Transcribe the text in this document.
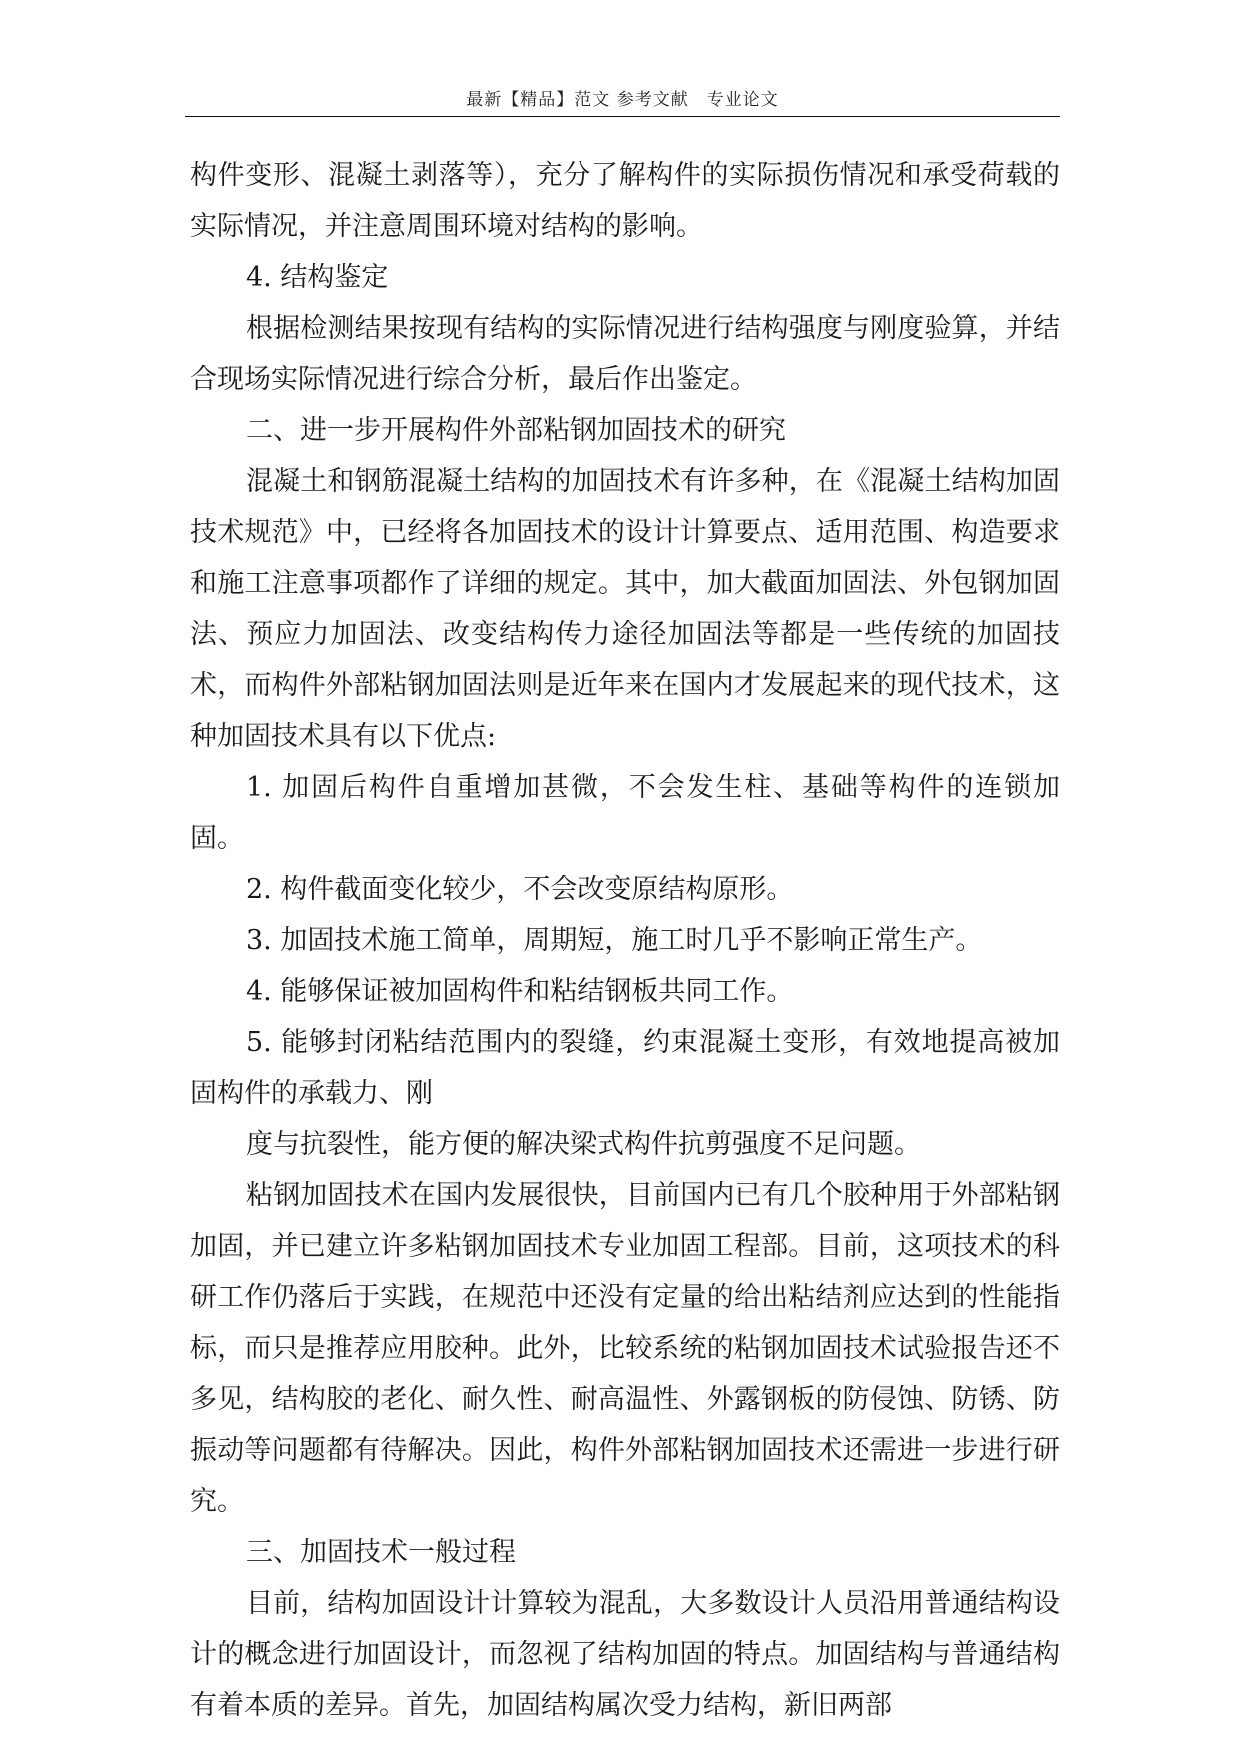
最新【精品】范文 参考文献　专业论文

构件变形、混凝土剥落等），充分了解构件的实际损伤情况和承受荷载的实际情况，并注意周围环境对结构的影响。

4. 结构鉴定

根据检测结果按现有结构的实际情况进行结构强度与刚度验算，并结合现场实际情况进行综合分析，最后作出鉴定。

二、进一步开展构件外部粘钢加固技术的研究

混凝土和钢筋混凝土结构的加固技术有许多种，在《混凝土结构加固技术规范》中，已经将各加固技术的设计计算要点、适用范围、构造要求和施工注意事项都作了详细的规定。其中，加大截面加固法、外包钢加固法、预应力加固法、改变结构传力途径加固法等都是一些传统的加固技术，而构件外部粘钢加固法则是近年来在国内才发展起来的现代技术，这种加固技术具有以下优点:

1. 加固后构件自重增加甚微，不会发生柱、基础等构件的连锁加固。

2. 构件截面变化较少，不会改变原结构原形。

3. 加固技术施工简单，周期短，施工时几乎不影响正常生产。

4. 能够保证被加固构件和粘结钢板共同工作。

5. 能够封闭粘结范围内的裂缝，约束混凝土变形，有效地提高被加固构件的承载力、刚

度与抗裂性，能方便的解决梁式构件抗剪强度不足问题。

粘钢加固技术在国内发展很快，目前国内已有几个胶种用于外部粘钢加固，并已建立许多粘钢加固技术专业加固工程部。目前，这项技术的科研工作仍落后于实践，在规范中还没有定量的给出粘结剂应达到的性能指标，而只是推荐应用胶种。此外，比较系统的粘钢加固技术试验报告还不多见，结构胶的老化、耐久性、耐高温性、外露钢板的防侵蚀、防锈、防振动等问题都有待解决。因此，构件外部粘钢加固技术还需进一步进行研究。

三、加固技术一般过程

目前，结构加固设计计算较为混乱，大多数设计人员沿用普通结构设计的概念进行加固设计，而忽视了结构加固的特点。加固结构与普通结构有着本质的差异。首先，加固结构属次受力结构，新旧两部
